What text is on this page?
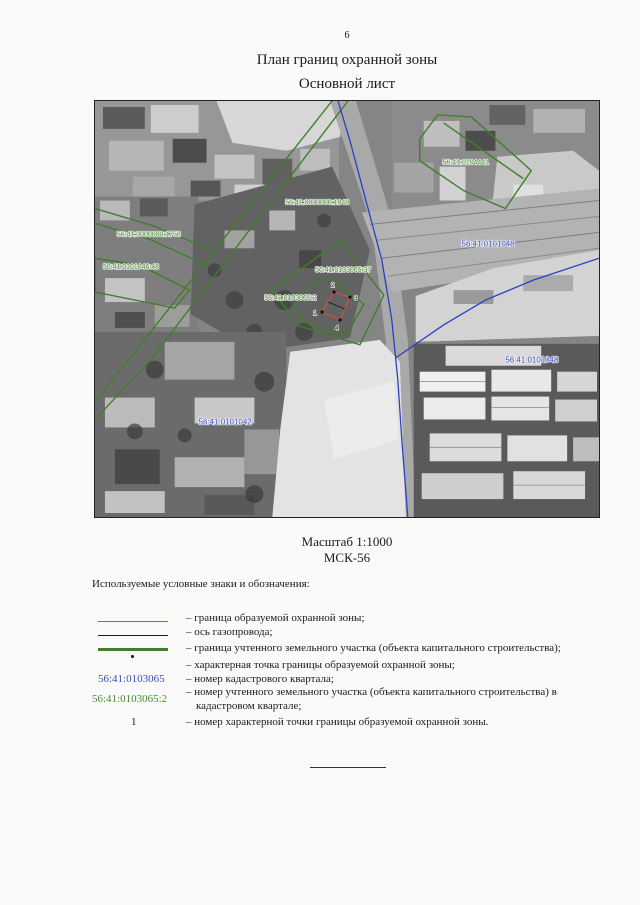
6

План границ охранной зоны

Основной лист

56:41:0104441
56:41:0000000:1848
56:41:0000000:1758
56:41:0101046:48	56:41:0103065:37
56:41:0103065:2
56:41:0101048
56:41:0101048
56:41:0101042
1
2
3
4

Масштаб 1:1000

МСК-56

Используемые условные знаки и обозначения:

– граница образуемой охранной зоны;

– ось газопровода;

– граница учтенного земельного участка (объекта капитального строительства);

– характерная точка границы образуемой охранной зоны;

56:41:0103065 – номер кадастрового квартала;

56:41:0103065:2

– номер учтенного земельного участка (объекта капитального строительства) в

кадастровом квартале;

1	– номер характерной точки границы образуемой охранной зоны.
